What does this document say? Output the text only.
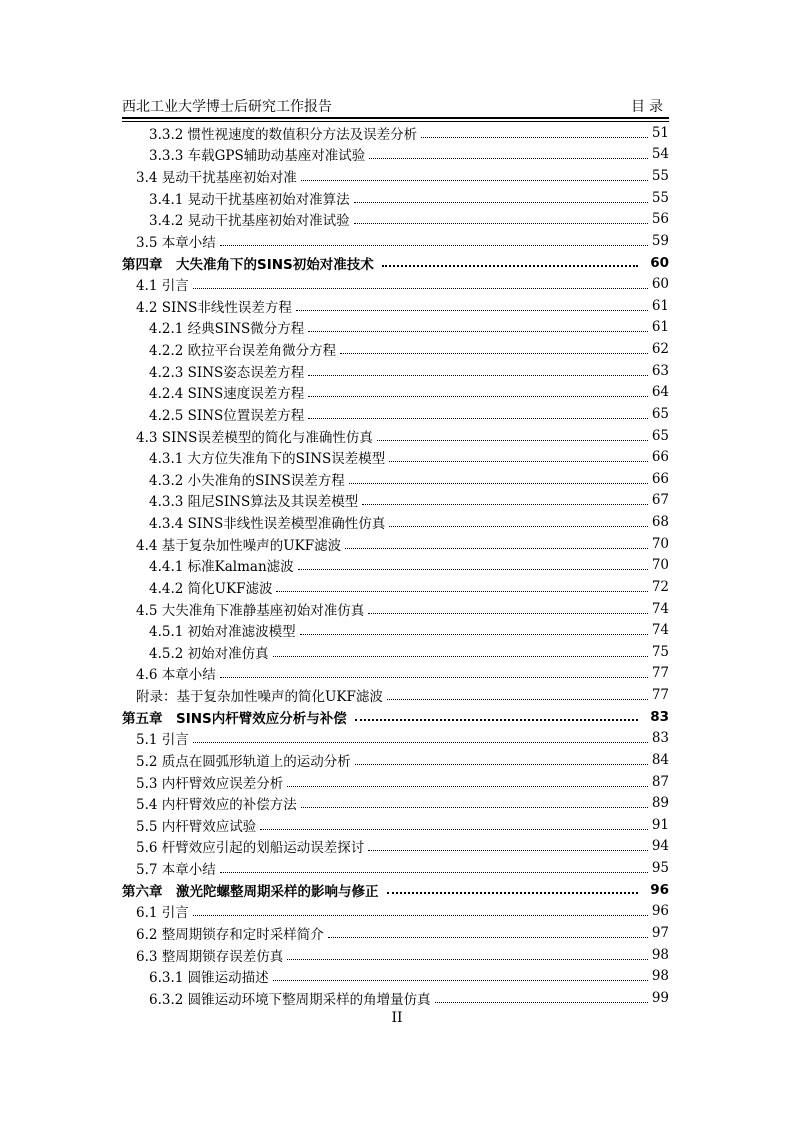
西北工业大学博士后研究工作报告	目录
3.3.2 惯性视速度的数值积分方法及误差分析	51
3.3.3 车载GPS辅助动基座对准试验	54
3.4 晃动干扰基座初始对准	55
3.4.1 晃动干扰基座初始对准算法	55
3.4.2 晃动干扰基座初始对准试验	56
3.5 本章小结	59
第四章　大失准角下的SINS初始对准技术	60
4.1 引言	60
4.2 SINS非线性误差方程	61
4.2.1 经典SINS微分方程	61
4.2.2 欧拉平台误差角微分方程	62
4.2.3 SINS姿态误差方程	63
4.2.4 SINS速度误差方程	64
4.2.5 SINS位置误差方程	65
4.3 SINS误差模型的简化与准确性仿真	65
4.3.1 大方位失准角下的SINS误差模型	66
4.3.2 小失准角的SINS误差方程	66
4.3.3 阻尼SINS算法及其误差模型	67
4.3.4 SINS非线性误差模型准确性仿真	68
4.4 基于复杂加性噪声的UKF滤波	70
4.4.1 标准Kalman滤波	70
4.4.2 简化UKF滤波	72
4.5 大失准角下准静基座初始对准仿真	74
4.5.1 初始对准滤波模型	74
4.5.2 初始对准仿真	75
4.6 本章小结	77
附录：基于复杂加性噪声的简化UKF滤波	77
第五章　SINS内杆臂效应分析与补偿	83
5.1 引言	83
5.2 质点在圆弧形轨道上的运动分析	84
5.3 内杆臂效应误差分析	87
5.4 内杆臂效应的补偿方法	89
5.5 内杆臂效应试验	91
5.6 杆臂效应引起的划船运动误差探讨	94
5.7 本章小结	95
第六章　激光陀螺整周期采样的影响与修正	96
6.1 引言	96
6.2 整周期锁存和定时采样简介	97
6.3 整周期锁存误差仿真	98
6.3.1 圆锥运动描述	98
6.3.2 圆锥运动环境下整周期采样的角增量仿真	99
II
